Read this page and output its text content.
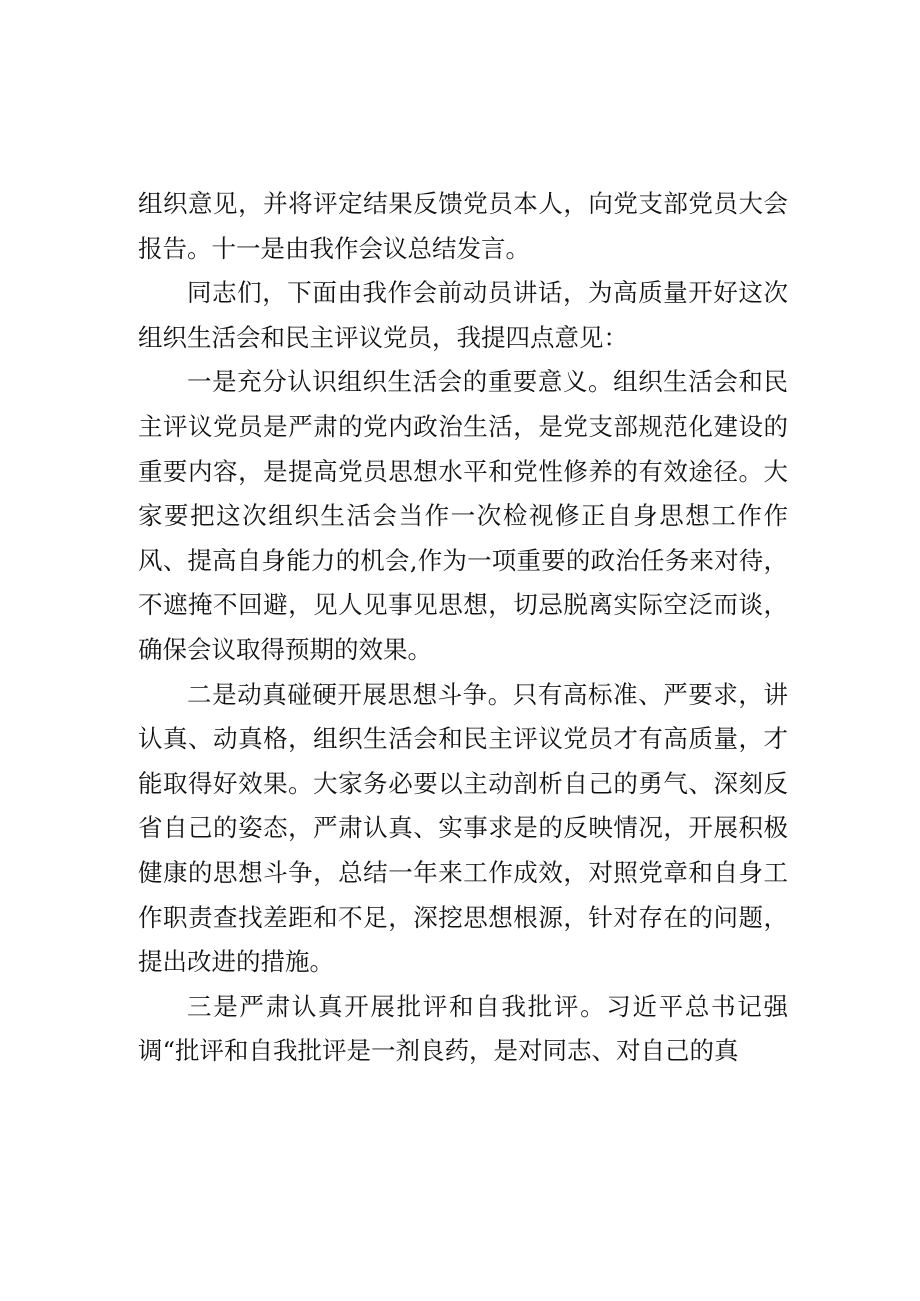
组织意见，并将评定结果反馈党员本人，向党支部党员大会报告。十一是由我作会议总结发言。

同志们，下面由我作会前动员讲话，为高质量开好这次组织生活会和民主评议党员，我提四点意见：

一是充分认识组织生活会的重要意义。组织生活会和民主评议党员是严肃的党内政治生活，是党支部规范化建设的重要内容，是提高党员思想水平和党性修养的有效途径。大家要把这次组织生活会当作一次检视修正自身思想工作作风、提高自身能力的机会,作为一项重要的政治任务来对待，不遮掩不回避，见人见事见思想，切忌脱离实际空泛而谈，确保会议取得预期的效果。

二是动真碰硬开展思想斗争。只有高标准、严要求，讲认真、动真格，组织生活会和民主评议党员才有高质量，才能取得好效果。大家务必要以主动剖析自己的勇气、深刻反省自己的姿态，严肃认真、实事求是的反映情况，开展积极健康的思想斗争，总结一年来工作成效，对照党章和自身工作职责查找差距和不足，深挖思想根源，针对存在的问题，提出改进的措施。

三是严肃认真开展批评和自我批评。习近平总书记强调“批评和自我批评是一剂良药，是对同志、对自己的真
